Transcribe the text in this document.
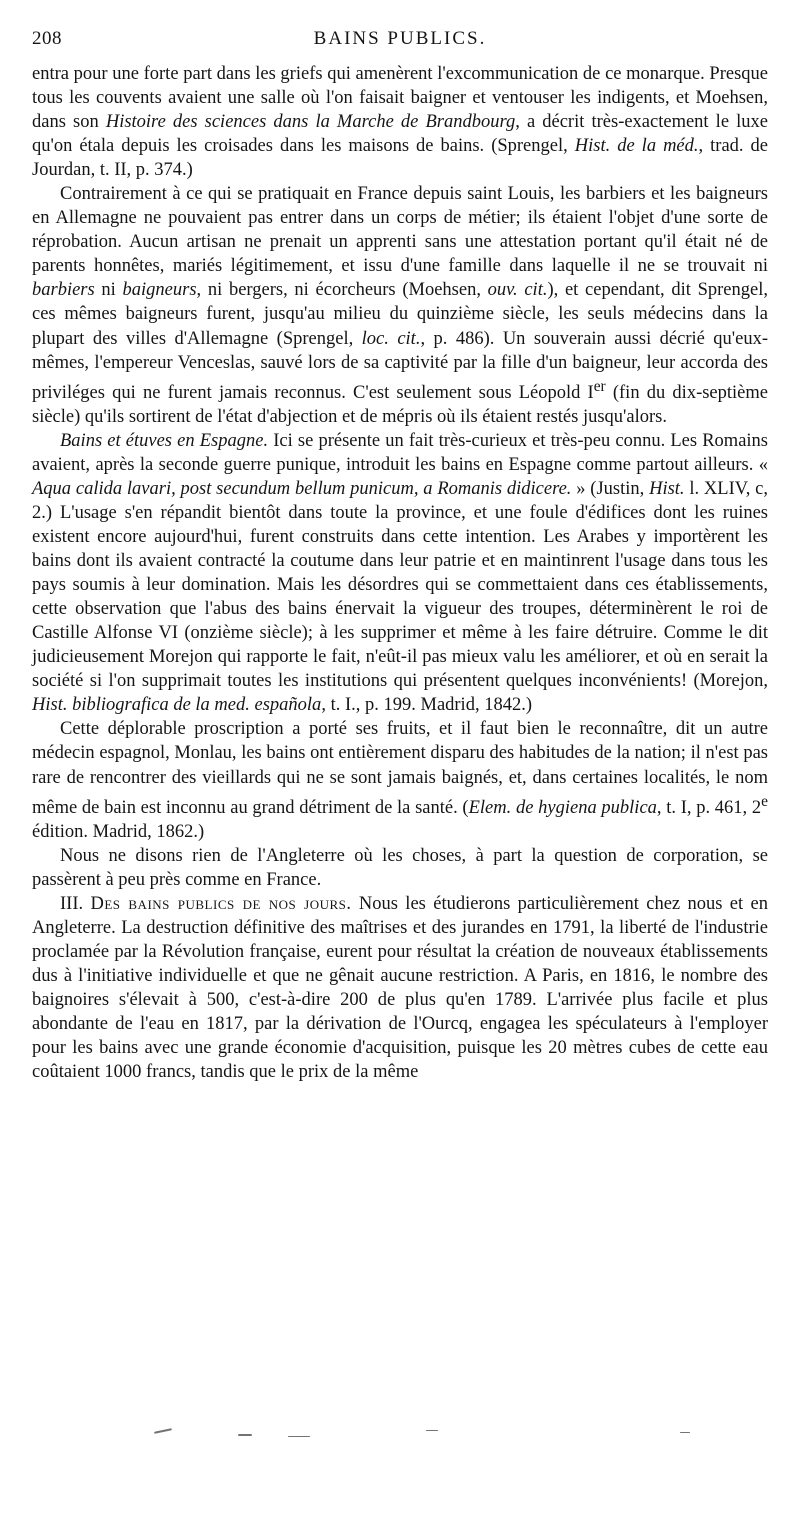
208	BAINS PUBLICS.

entra pour une forte part dans les griefs qui amenèrent l'excommunication de ce monarque. Presque tous les couvents avaient une salle où l'on faisait baigner et ventouser les indigents, et Moehsen, dans son Histoire des sciences dans la Marche de Brandbourg, a décrit très-exactement le luxe qu'on étala depuis les croisades dans les maisons de bains. (Sprengel, Hist. de la méd., trad. de Jourdan, t. II, p. 374.)

Contrairement à ce qui se pratiquait en France depuis saint Louis, les barbiers et les baigneurs en Allemagne ne pouvaient pas entrer dans un corps de métier; ils étaient l'objet d'une sorte de réprobation. Aucun artisan ne prenait un apprenti sans une attestation portant qu'il était né de parents honnêtes, mariés légitimement, et issu d'une famille dans laquelle il ne se trouvait ni barbiers ni baigneurs, ni bergers, ni écorcheurs (Moehsen, ouv. cit.), et cependant, dit Sprengel, ces mêmes baigneurs furent, jusqu'au milieu du quinzième siècle, les seuls médecins dans la plupart des villes d'Allemagne (Sprengel, loc. cit., p. 486). Un souverain aussi décrié qu'eux-mêmes, l'empereur Venceslas, sauvé lors de sa captivité par la fille d'un baigneur, leur accorda des priviléges qui ne furent jamais reconnus. C'est seulement sous Léopold Ier (fin du dix-septième siècle) qu'ils sortirent de l'état d'abjection et de mépris où ils étaient restés jusqu'alors.

Bains et étuves en Espagne. Ici se présente un fait très-curieux et très-peu connu. Les Romains avaient, après la seconde guerre punique, introduit les bains en Espagne comme partout ailleurs. « Aqua calida lavari, post secundum bellum punicum, a Romanis didicere. » (Justin, Hist. l. XLIV, c, 2.) L'usage s'en répandit bientôt dans toute la province, et une foule d'édifices dont les ruines existent encore aujourd'hui, furent construits dans cette intention. Les Arabes y importèrent les bains dont ils avaient contracté la coutume dans leur patrie et en maintinrent l'usage dans tous les pays soumis à leur domination. Mais les désordres qui se commettaient dans ces établissements, cette observation que l'abus des bains énervait la vigueur des troupes, déterminèrent le roi de Castille Alfonse VI (onzième siècle); à les supprimer et même à les faire détruire. Comme le dit judicieusement Morejon qui rapporte le fait, n'eût-il pas mieux valu les améliorer, et où en serait la société si l'on supprimait toutes les institutions qui présentent quelques inconvénients! (Morejon, Hist. bibliografica de la med. española, t. I., p. 199. Madrid, 1842.)

Cette déplorable proscription a porté ses fruits, et il faut bien le reconnaître, dit un autre médecin espagnol, Monlau, les bains ont entièrement disparu des habitudes de la nation; il n'est pas rare de rencontrer des vieillards qui ne se sont jamais baignés, et, dans certaines localités, le nom même de bain est inconnu au grand détriment de la santé. (Elem. de hygiena publica, t. I, p. 461, 2e édition. Madrid, 1862.)

Nous ne disons rien de l'Angleterre où les choses, à part la question de corporation, se passèrent à peu près comme en France.

III. Des bains publics de nos jours. Nous les étudierons particulièrement chez nous et en Angleterre. La destruction définitive des maîtrises et des jurandes en 1791, la liberté de l'industrie proclamée par la Révolution française, eurent pour résultat la création de nouveaux établissements dus à l'initiative individuelle et que ne gênait aucune restriction. A Paris, en 1816, le nombre des baignoires s'élevait à 500, c'est-à-dire 200 de plus qu'en 1789. L'arrivée plus facile et plus abondante de l'eau en 1817, par la dérivation de l'Ourcq, engagea les spéculateurs à l'employer pour les bains avec une grande économie d'acquisition, puisque les 20 mètres cubes de cette eau coûtaient 1000 francs, tandis que le prix de la même
